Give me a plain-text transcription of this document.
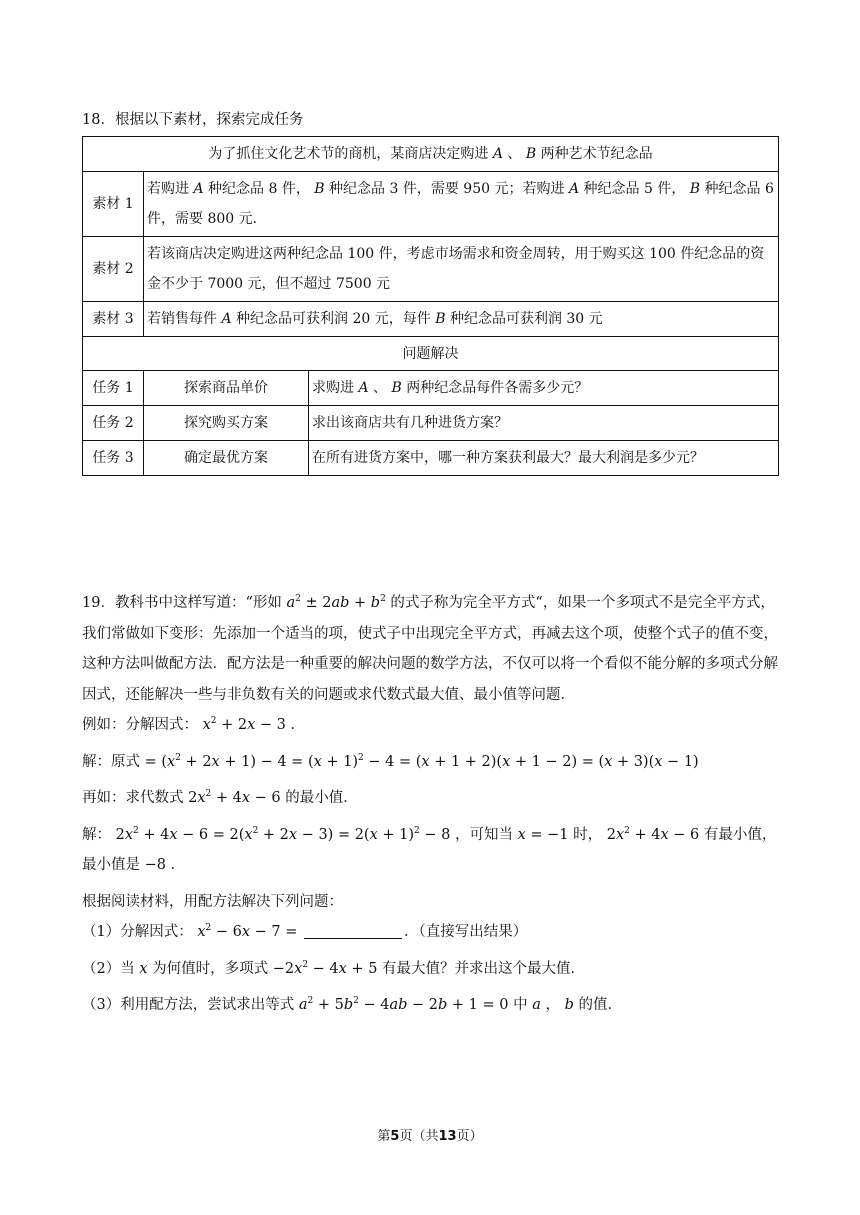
18．根据以下素材，探索完成任务
为了抓住文化艺术节的商机，某商店决定购进 A 、 B 两种艺术节纪念品		
素材 1	若购进 A 种纪念品 8 件， B 种纪念品 3 件，需要 950 元；若购进 A 种纪念品 5 件， B 种纪念品 6 件，需要 800 元．	
素材 2	若该商店决定购进这两种纪念品 100 件，考虑市场需求和资金周转，用于购买这 100 件纪念品的资金不少于 7000 元，但不超过 7500 元	
素材 3	若销售每件 A 种纪念品可获利润 20 元，每件 B 种纪念品可获利润 30 元	
问题解决		
任务 1	探索商品单价	求购进 A 、 B 两种纪念品每件各需多少元？
任务 2	探究购买方案	求出该商店共有几种进货方案？
任务 3	确定最优方案	在所有进货方案中，哪一种方案获利最大？最大利润是多少元？

19．教科书中这样写道：“形如 $a^2 \pm 2ab + b^2$ 的式子称为完全平方式“，如果一个多项式不是完全平方式，我们常做如下变形：先添加一个适当的项，使式子中出现完全平方式，再减去这个项，使整个式子的值不变，这种方法叫做配方法．配方法是一种重要的解决问题的数学方法，不仅可以将一个看似不能分解的多项式分解因式，还能解决一些与非负数有关的问题或求代数式最大值、最小值等问题．

例如：分解因式： $x^2 + 2x - 3$ ．

解：原式 = $(x^2 + 2x + 1) - 4 = (x + 1)^2 - 4 = (x + 1 + 2)(x + 1 - 2) = (x + 3)(x - 1)$

再如：求代数式 $2x^2 + 4x - 6$ 的最小值．

解： $2x^2 + 4x - 6 = 2(x^2 + 2x - 3) = 2(x + 1)^2 - 8$ ，可知当 x = −1 时， $2x^2 + 4x - 6$ 有最小值，最小值是 −8 ．

根据阅读材料，用配方法解决下列问题：

（1）分解因式： $x^2 - 6x - 7$ =	．（直接写出结果）

（2）当 x 为何值时，多项式 $-2x^2 - 4x + 5$ 有最大值？并求出这个最大值．

（3）利用配方法，尝试求出等式 $a^2 + 5b^2 - 4ab - 2b + 1 = 0$ 中 a ， b 的值．

第5页（共13页）
